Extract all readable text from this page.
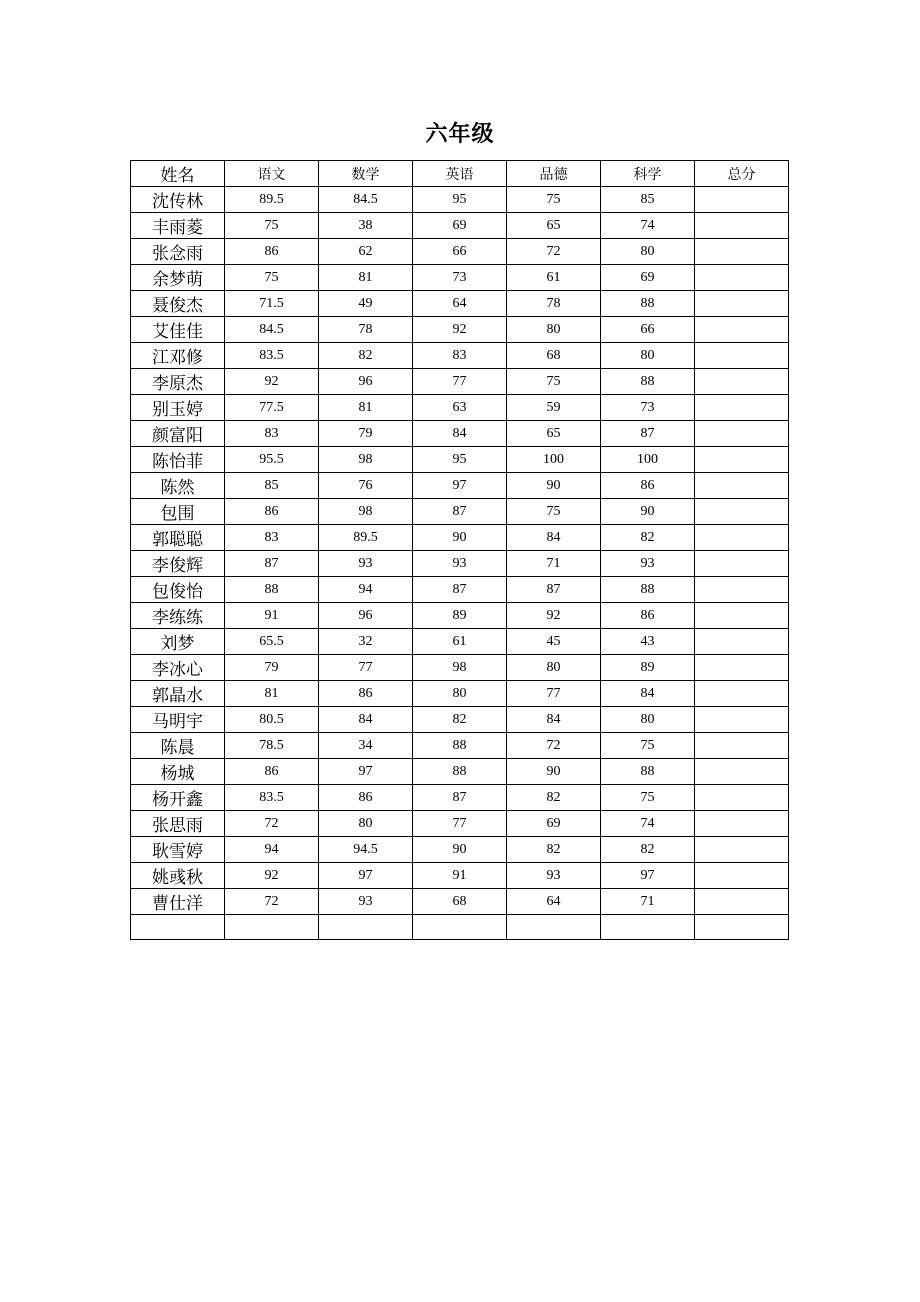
六年级
姓名	语文	数学	英语	品德	科学	总分
沈传林	89.5	84.5	95	75	85	
丰雨菱	75	38	69	65	74	
张念雨	86	62	66	72	80	
余梦萌	75	81	73	61	69	
聂俊杰	71.5	49	64	78	88	
艾佳佳	84.5	78	92	80	66	
江邓修	83.5	82	83	68	80	
李原杰	92	96	77	75	88	
别玉婷	77.5	81	63	59	73	
颜富阳	83	79	84	65	87	
陈怡菲	95.5	98	95	100	100	
陈然	85	76	97	90	86	
包围	86	98	87	75	90	
郭聪聪	83	89.5	90	84	82	
李俊辉	87	93	93	71	93	
包俊怡	88	94	87	87	88	
李练练	91	96	89	92	86	
刘梦	65.5	32	61	45	43	
李冰心	79	77	98	80	89	
郭晶水	81	86	80	77	84	
马明宇	80.5	84	82	84	80	
陈晨	78.5	34	88	72	75	
杨城	86	97	88	90	88	
杨开鑫	83.5	86	87	82	75	
张思雨	72	80	77	69	74	
耿雪婷	94	94.5	90	82	82	
姚彧秋	92	97	91	93	97	
曹仕洋	72	93	68	64	71	
